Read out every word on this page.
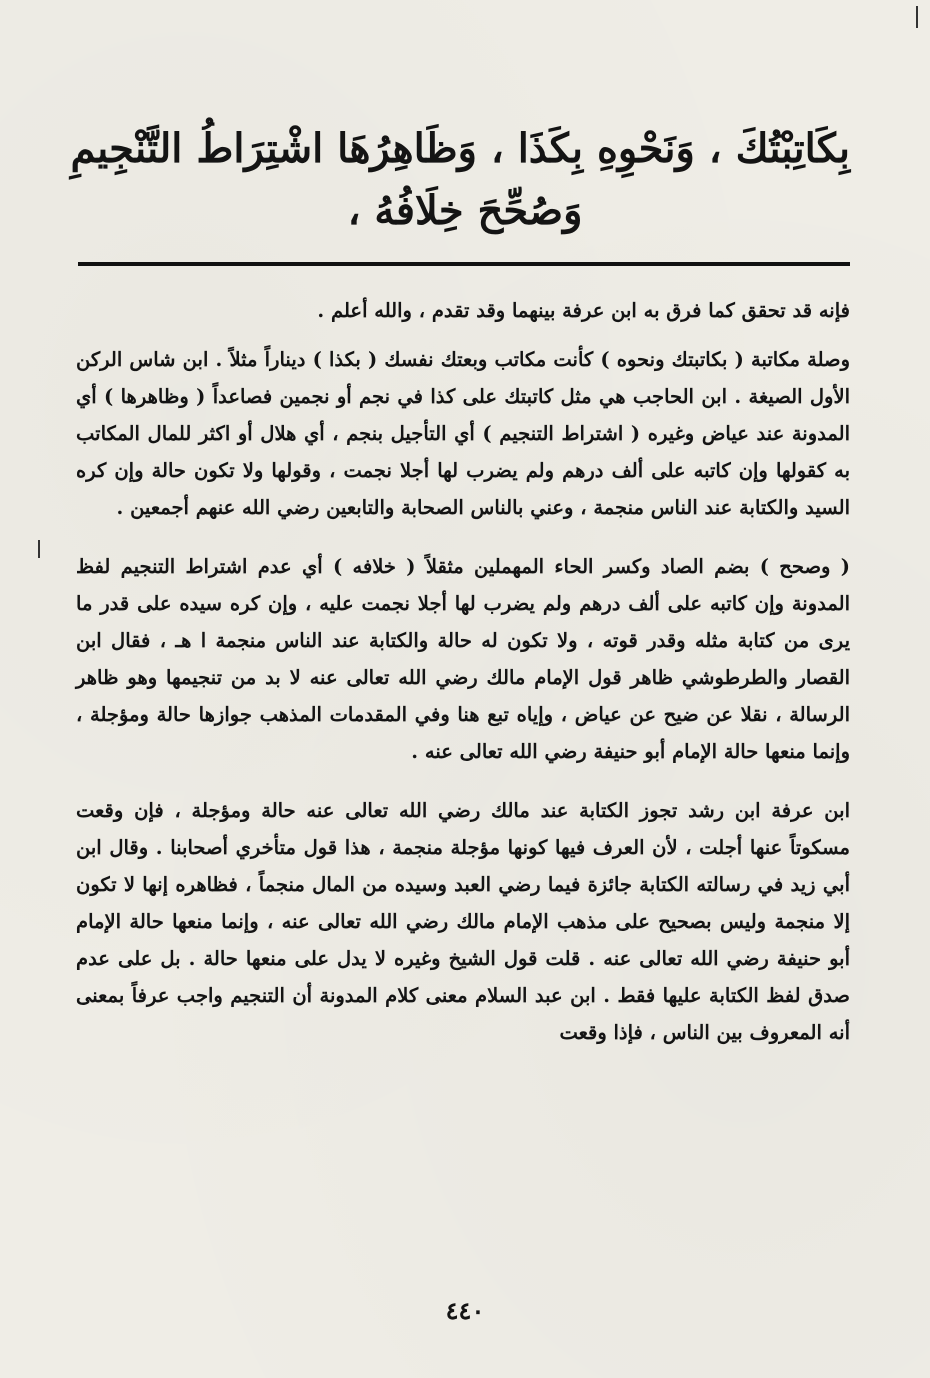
بِكَاتِبْتُكَ ، وَنَحْوِهِ بِكَذَا ، وَظَاهِرُهَا اشْتِرَاطُ التَّنْجِيمِ
وَصُحِّحَ خِلَافُهُ ،

فإنه قد تحقق كما فرق به ابن عرفة بينهما وقد تقدم ، والله أعلم .

وصلة مكاتبة ( بكاتبتك ونحوه ) كأنت مكاتب وبعتك نفسك ( بكذا ) ديناراً مثلاً . ابن شاس الركن الأول الصيغة . ابن الحاجب هي مثل كاتبتك على كذا في نجم أو نجمين فصاعداً ( وظاهرها ) أي المدونة عند عياض وغيره ( اشتراط التنجيم ) أي التأجيل بنجم ، أي هلال أو اكثر للمال المكاتب به كقولها وإن كاتبه على ألف درهم ولم يضرب لها أجلا نجمت ، وقولها ولا تكون حالة وإن كره السيد والكتابة عند الناس منجمة ، وعني بالناس الصحابة والتابعين رضي الله عنهم أجمعين .

( وصحح ) بضم الصاد وكسر الحاء المهملين مثقلاً ( خلافه ) أي عدم اشتراط التنجيم لفظ المدونة وإن كاتبه على ألف درهم ولم يضرب لها أجلا نجمت عليه ، وإن كره سيده على قدر ما يرى من كتابة مثله وقدر قوته ، ولا تكون له حالة والكتابة عند الناس منجمة ا هـ ، فقال ابن القصار والطرطوشي ظاهر قول الإمام مالك رضي الله تعالى عنه لا بد من تنجيمها وهو ظاهر الرسالة ، نقلا عن ضيح عن عياض ، وإياه تبع هنا وفي المقدمات المذهب جوازها حالة ومؤجلة ، وإنما منعها حالة الإمام أبو حنيفة رضي الله تعالى عنه .

ابن عرفة ابن رشد تجوز الكتابة عند مالك رضي الله تعالى عنه حالة ومؤجلة ، فإن وقعت مسكوتاً عنها أجلت ، لأن العرف فيها كونها مؤجلة منجمة ، هذا قول متأخري أصحابنا . وقال ابن أبي زيد في رسالته الكتابة جائزة فيما رضي العبد وسيده من المال منجماً ، فظاهره إنها لا تكون إلا منجمة وليس بصحيح على مذهب الإمام مالك رضي الله تعالى عنه ، وإنما منعها حالة الإمام أبو حنيفة رضي الله تعالى عنه . قلت قول الشيخ وغيره لا يدل على منعها حالة . بل على عدم صدق لفظ الكتابة عليها فقط . ابن عبد السلام معنى كلام المدونة أن التنجيم واجب عرفاً بمعنى أنه المعروف بين الناس ، فإذا وقعت

٤٤٠
